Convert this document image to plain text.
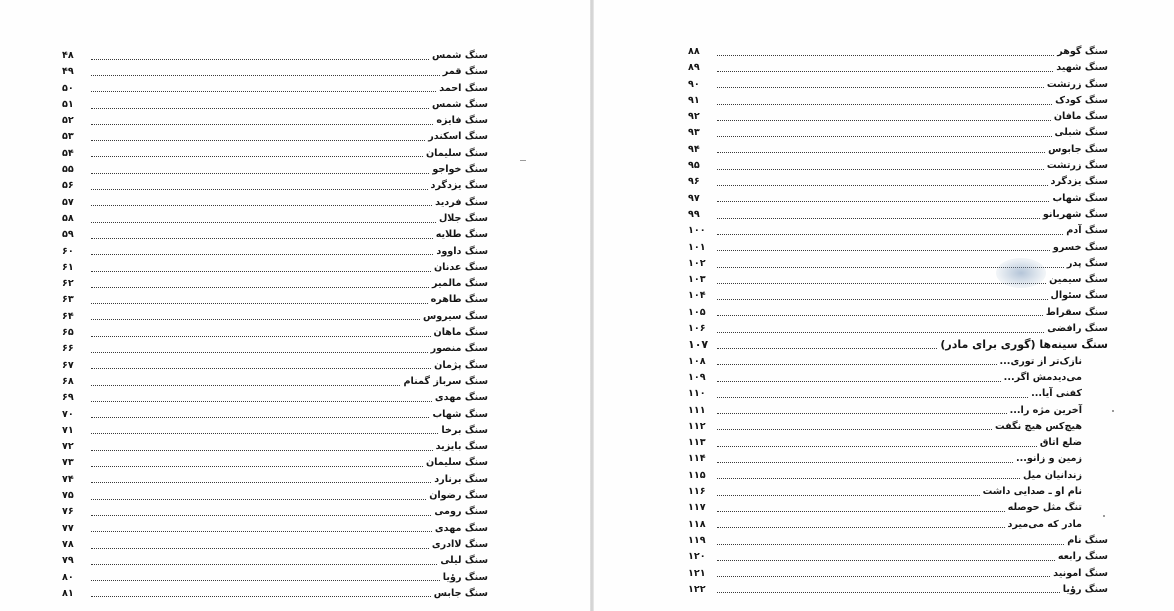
سنگ شمس
۴۸
سنگ قمر
۴۹
سنگ احمد
۵۰
سنگ شمس
۵۱
سنگ فایزه
۵۲
سنگ اسکندر
۵۳
سنگ سلیمان
۵۴
سنگ خواجو
۵۵
سنگ یزدگرد
۵۶
سنگ فردید
۵۷
سنگ جلال
۵۸
سنگ طلایه
۵۹
سنگ داوود
۶۰
سنگ عدنان
۶۱
سنگ مالمیر
۶۲
سنگ طاهره
۶۳
سنگ سیروس
۶۴
سنگ ماهان
۶۵
سنگ منصور
۶۶
سنگ پژمان
۶۷
سنگ سرباز گمنام
۶۸
سنگ مهدی
۶۹
سنگ شهاب
۷۰
سنگ برخا
۷۱
سنگ بایزید
۷۲
سنگ سلیمان
۷۳
سنگ برنارد
۷۴
سنگ رضوان
۷۵
سنگ رومی
۷۶
سنگ مهدی
۷۷
سنگ لاادری
۷۸
سنگ لیلی
۷۹
سنگ رؤیا
۸۰
سنگ جابس
۸۱
سنگ گوهر
۸۸
سنگ شهید
۸۹
سنگ زرتشت
۹۰
سنگ کودک
۹۱
سنگ مافان
۹۲
سنگ شبلی
۹۳
سنگ جابوس
۹۴
سنگ زرتشت
۹۵
سنگ یزدگرد
۹۶
سنگ شهاب
۹۷
سنگ شهربانو
۹۹
سنگ آدم
۱۰۰
سنگ خسرو
۱۰۱
سنگ پدر
۱۰۲
سنگ سیمین
۱۰۳
سنگ سئوال
۱۰۴
سنگ سقراط
۱۰۵
سنگ رافضی
۱۰۶
سنگ سینه‌ها (گوری برای مادر)
۱۰۷
نازک‌تر از توری...
۱۰۸
می‌دیدمش اگر...
۱۰۹
کفنی آیا...
۱۱۰
آخرین مژه را...
۱۱۱
هیچ‌کس هیچ نگفت
۱۱۲
ضلع اتاق
۱۱۳
زمین و زانو...
۱۱۴
زندانیان میل
۱۱۵
نام او ـ صدایی داشت
۱۱۶
تنگ مثل حوصله
۱۱۷
مادر که می‌میرد
۱۱۸
سنگ نام
۱۱۹
سنگ رابعه
۱۲۰
سنگ امونید
۱۲۱
سنگ رؤیا
۱۲۲
